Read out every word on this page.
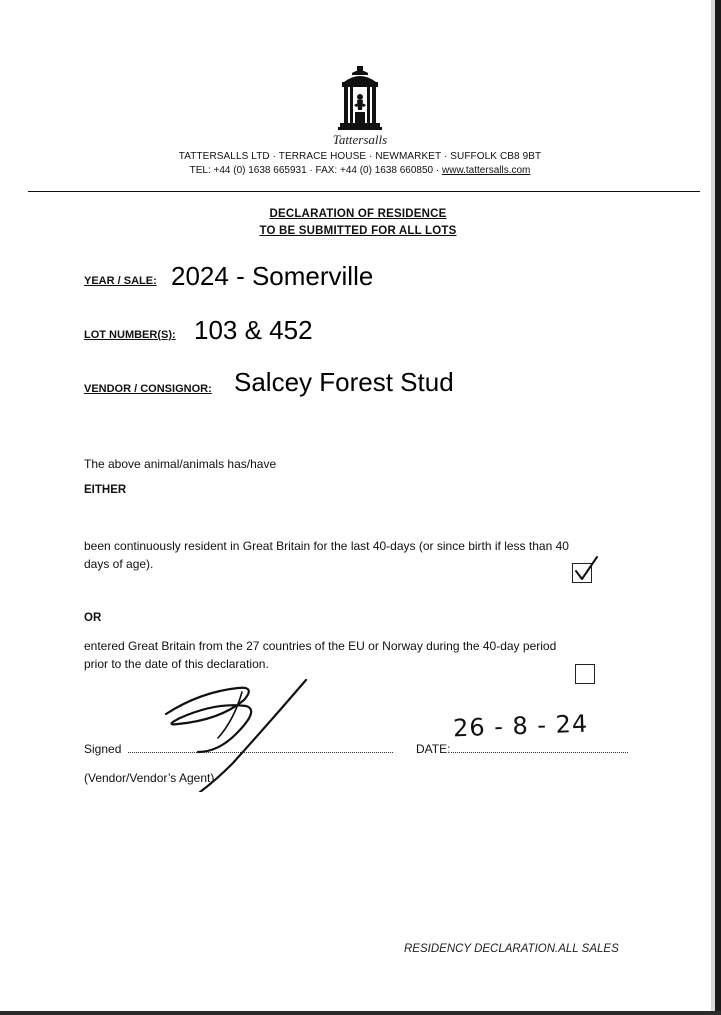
Tattersalls
TATTERSALLS LTD · TERRACE HOUSE · NEWMARKET · SUFFOLK CB8 9BT
TEL: +44 (0) 1638 665931 · FAX: +44 (0) 1638 660850 · www.tattersalls.com
DECLARATION OF RESIDENCE
TO BE SUBMITTED FOR ALL LOTS
YEAR / SALE: 2024 - Somerville
LOT NUMBER(S): 103 & 452
VENDOR / CONSIGNOR: Salcey Forest Stud
The above animal/animals has/have
EITHER
been continuously resident in Great Britain for the last 40-days (or since birth if less than 40
days of age).
OR
entered Great Britain from the 27 countries of the EU or Norway during the 40-day period
prior to the date of this declaration.
Signed	DATE:
26 - 8 - 24
(Vendor/Vendor’s Agent)
RESIDENCY DECLARATION.ALL SALES
